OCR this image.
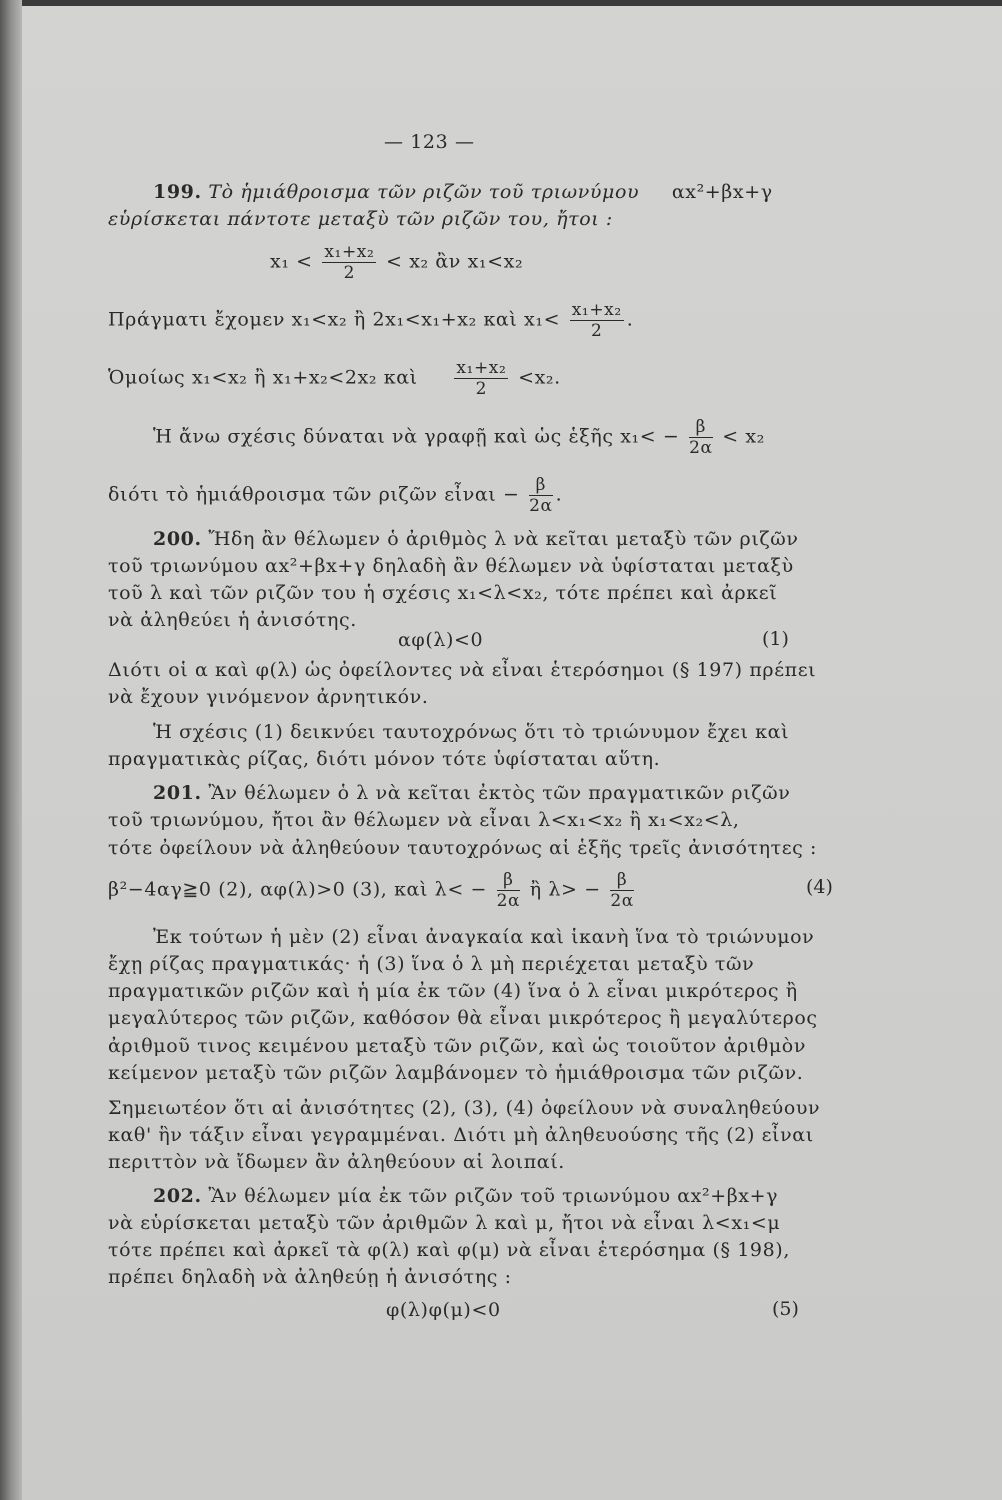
— 123 —
199. Τὸ ἡμιάθροισμα τῶν ριζῶν τοῦ τριωνύμου αx²+βx+γ
εὑρίσκεται πάντοτε μεταξὺ τῶν ριζῶν του, ἤτοι :
$x_1 < \frac{\text{x₁+x₂}}{2} < x_2$ ἂν x₁<x₂
Πράγματι ἔχομεν x₁<x₂ ἢ 2x₁<x₁+x₂ καὶ $x_1< \frac{\text{x₁+x₂}}{2}$ .
Ὁμοίως x₁<x₂ ἢ x₁+x₂<2x₂ καὶ $\frac{\text{x₁+x₂}}{2} <x_2$.
Ἡ ἄνω σχέσις δύναται νὰ γραφῇ καὶ ὡς ἑξῆς $x_1< - \frac{\beta}{2\alpha} < x_2$
διότι τὸ ἡμιάθροισμα τῶν ριζῶν εἶναι − $\frac{\beta}{2\alpha}$ .
200. Ἤδη ἂν θέλωμεν ὁ ἀριθμὸς λ νὰ κεῖται μεταξὺ τῶν ριζῶν
τοῦ τριωνύμου αx²+βx+γ δηλαδὴ ἂν θέλωμεν νὰ ὑφίσταται μεταξὺ
τοῦ λ καὶ τῶν ριζῶν του ἡ σχέσις x₁<λ<x₂, τότε πρέπει καὶ ἀρκεῖ
νὰ ἀληθεύει ἡ ἀνισότης.
αφ(λ)<0	(1)
Διότι οἱ α καὶ φ(λ) ὡς ὀφείλοντες νὰ εἶναι ἑτερόσημοι (§ 197) πρέπει
νὰ ἔχουν γινόμενον ἀρνητικόν.
Ἡ σχέσις (1) δεικνύει ταυτοχρόνως ὅτι τὸ τριώνυμον ἔχει καὶ
πραγματικὰς ρίζας, διότι μόνον τότε ὑφίσταται αὕτη.
201. Ἂν θέλωμεν ὁ λ νὰ κεῖται ἐκτὸς τῶν πραγματικῶν ριζῶν
τοῦ τριωνύμου, ἤτοι ἂν θέλωμεν νὰ εἶναι λ<x₁<x₂ ἢ x₁<x₂<λ,
τότε ὀφείλουν νὰ ἀληθεύουν ταυτοχρόνως αἱ ἑξῆς τρεῖς ἀνισότητες :
β²−4αγ≧0 (2), αφ(λ)>0 (3), καὶ $\lambda< - \frac{\beta}{2\alpha}$ ἢ $\lambda> - \frac{\beta}{2\alpha}$	(4)
Ἐκ τούτων ἡ μὲν (2) εἶναι ἀναγκαία καὶ ἱκανὴ ἵνα τὸ τριώνυμον
ἔχῃ ρίζας πραγματικάς· ἡ (3) ἵνα ὁ λ μὴ περιέχεται μεταξὺ τῶν
πραγματικῶν ριζῶν καὶ ἡ μία ἐκ τῶν (4) ἵνα ὁ λ εἶναι μικρότερος ἢ
μεγαλύτερος τῶν ριζῶν, καθόσον θὰ εἶναι μικρότερος ἢ μεγαλύτερος
ἀριθμοῦ τινος κειμένου μεταξὺ τῶν ριζῶν, καὶ ὡς τοιοῦτον ἀριθμὸν
κείμενον μεταξὺ τῶν ριζῶν λαμβάνομεν τὸ ἡμιάθροισμα τῶν ριζῶν.
Σημειωτέον ὅτι αἱ ἀνισότητες (2), (3), (4) ὀφείλουν νὰ συναληθεύουν
καθ' ἣν τάξιν εἶναι γεγραμμέναι. Διότι μὴ ἀληθευούσης τῆς (2) εἶναι
περιττὸν νὰ ἴδωμεν ἂν ἀληθεύουν αἱ λοιπαί.
202. Ἂν θέλωμεν μία ἐκ τῶν ριζῶν τοῦ τριωνύμου αx²+βx+γ
νὰ εὑρίσκεται μεταξὺ τῶν ἀριθμῶν λ καὶ μ, ἤτοι νὰ εἶναι λ<x₁<μ
τότε πρέπει καὶ ἀρκεῖ τὰ φ(λ) καὶ φ(μ) νὰ εἶναι ἑτερόσημα (§ 198),
πρέπει δηλαδὴ νὰ ἀληθεύῃ ἡ ἀνισότης :
φ(λ)φ(μ)<0	(5)
